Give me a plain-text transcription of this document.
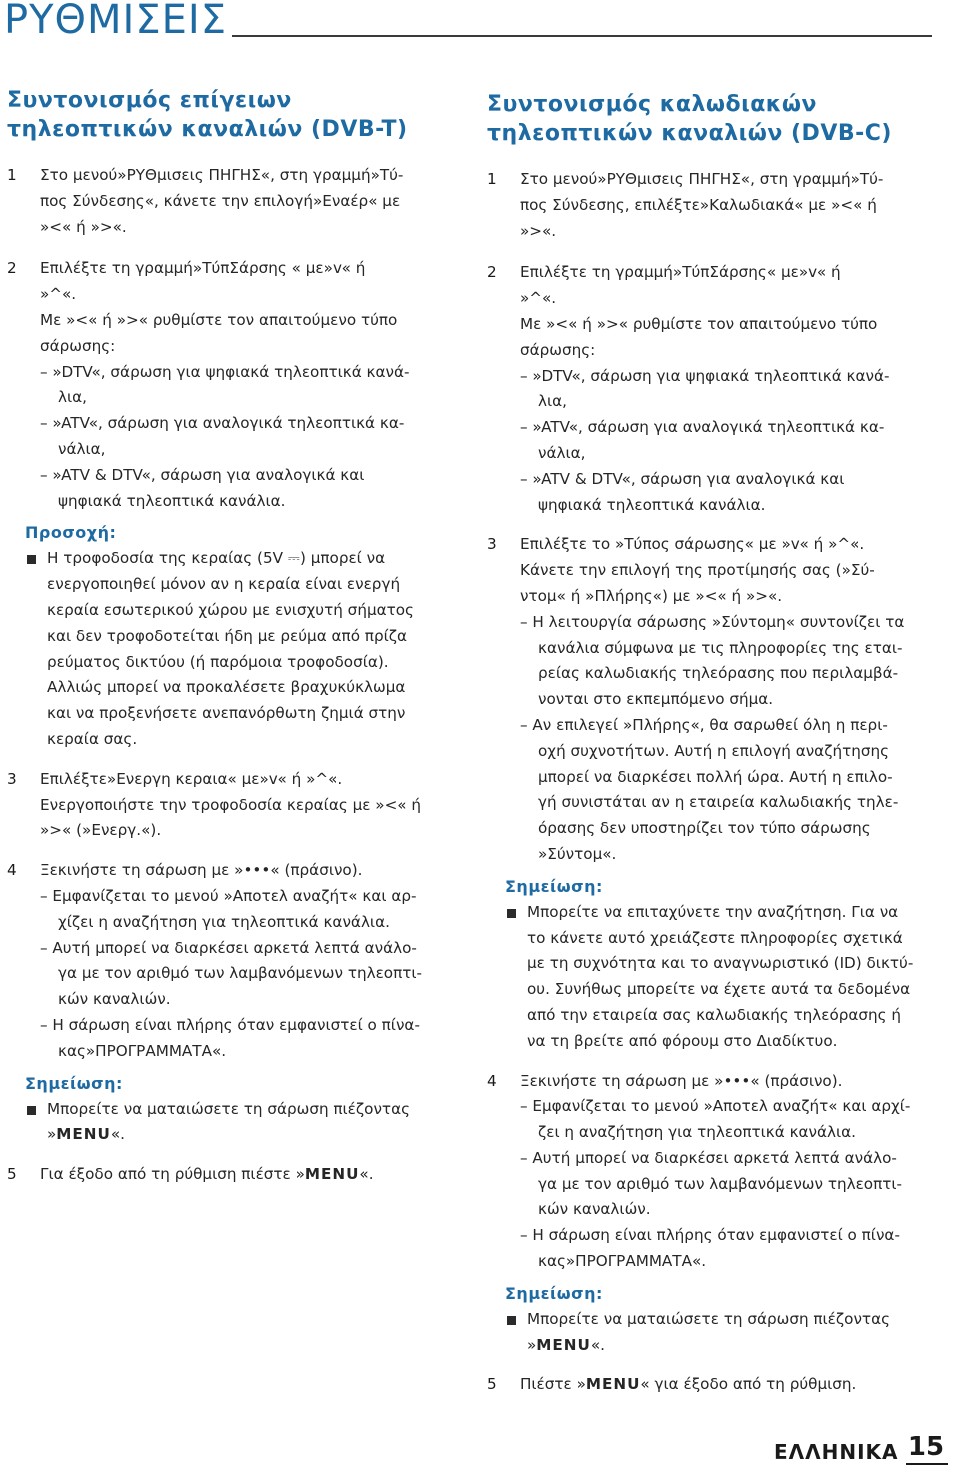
ΡΥΘΜΙΣΕΙΣ
Συντονισμός επίγειων
τηλεοπτικών καναλιών (DVB-T)
1	Στο μενού»ΡΥΘμισεις ΠΗΓΗΣ«, στη γραμμή»Τύ-
πος Σύνδεσης«, κάνετε την επιλογή»Εναέρ« με
»<« ή »>«.
2	Επιλέξτε τη γραμμή»ΤύπΣάρσης « με»v« ή
»^«.
Με »<« ή »>« ρυθμίστε τον απαιτούμενο τύπο
σάρωσης:
– »DTV«, σάρωση για ψηφιακά τηλεοπτικά κανά-
λια,
– »ATV«, σάρωση για αναλογικά τηλεοπτικά κα-
νάλια,
– »ATV & DTV«, σάρωση για αναλογικά και
ψηφιακά τηλεοπτικά κανάλια.
Προσοχή:
Η τροφοδοσία της κεραίας (5V ⎓) μπορεί να
ενεργοποιηθεί μόνον αν η κεραία είναι ενεργή
κεραία εσωτερικού χώρου με ενισχυτή σήματος
και δεν τροφοδοτείται ήδη με ρεύμα από πρίζα
ρεύματος δικτύου (ή παρόμοια τροφοδοσία).
Αλλιώς μπορεί να προκαλέσετε βραχυκύκλωμα
και να προξενήσετε ανεπανόρθωτη ζημιά στην
κεραία σας.
3	Επιλέξτε»Ενεργη κεραια« με»v« ή »^«.
Ενεργοποιήστε την τροφοδοσία κεραίας με »<« ή
»>« (»Ενεργ.«).
4	Ξεκινήστε τη σάρωση με »•••« (πράσινο).
– Εμφανίζεται το μενού »Αποτελ αναζήτ« και αρ-
χίζει η αναζήτηση για τηλεοπτικά κανάλια.
– Αυτή μπορεί να διαρκέσει αρκετά λεπτά ανάλο-
γα με τον αριθμό των λαμβανόμενων τηλεοπτι-
κών καναλιών.
– Η σάρωση είναι πλήρης όταν εμφανιστεί ο πίνα-
κας»ΠΡΟΓΡΑΜΜΑΤΑ«.
Σημείωση:
Μπορείτε να ματαιώσετε τη σάρωση πιέζοντας
»MENU«.
5	Για έξοδο από τη ρύθμιση πιέστε »MENU«.
Συντονισμός καλωδιακών
τηλεοπτικών καναλιών (DVB-C)
1	Στο μενού»ΡΥΘμισεις ΠΗΓΗΣ«, στη γραμμή»Τύ-
πος Σύνδεσης, επιλέξτε»Καλωδιακά« με »<« ή
»>«.
2	Επιλέξτε τη γραμμή»ΤύπΣάρσης« με»v« ή
»^«.
Με »<« ή »>« ρυθμίστε τον απαιτούμενο τύπο
σάρωσης:
– »DTV«, σάρωση για ψηφιακά τηλεοπτικά κανά-
λια,
– »ATV«, σάρωση για αναλογικά τηλεοπτικά κα-
νάλια,
– »ATV & DTV«, σάρωση για αναλογικά και
ψηφιακά τηλεοπτικά κανάλια.
3	Επιλέξτε το »Τύπος σάρωσης« με »v« ή »^«.
Κάνετε την επιλογή της προτίμησής σας (»Σύ-
ντομ« ή »Πλήρης«) με »<« ή »>«.
– Η λειτουργία σάρωσης »Σύντομη« συντονίζει τα
κανάλια σύμφωνα με τις πληροφορίες της εται-
ρείας καλωδιακής τηλεόρασης που περιλαμβά-
νονται στο εκπεμπόμενο σήμα.
– Αν επιλεγεί »Πλήρης«, θα σαρωθεί όλη η περι-
οχή συχνοτήτων. Αυτή η επιλογή αναζήτησης
μπορεί να διαρκέσει πολλή ώρα. Αυτή η επιλο-
γή συνιστάται αν η εταιρεία καλωδιακής τηλε-
όρασης δεν υποστηρίζει τον τύπο σάρωσης
»Σύντομ«.
Σημείωση:
Μπορείτε να επιταχύνετε την αναζήτηση. Για να
το κάνετε αυτό χρειάζεστε πληροφορίες σχετικά
με τη συχνότητα και το αναγνωριστικό (ID) δικτύ-
ου. Συνήθως μπορείτε να έχετε αυτά τα δεδομένα
από την εταιρεία σας καλωδιακής τηλεόρασης ή
να τη βρείτε από φόρουμ στο Διαδίκτυο.
4	Ξεκινήστε τη σάρωση με »•••« (πράσινο).
– Εμφανίζεται το μενού »Αποτελ αναζήτ« και αρχί-
ζει η αναζήτηση για τηλεοπτικά κανάλια.
– Αυτή μπορεί να διαρκέσει αρκετά λεπτά ανάλο-
γα με τον αριθμό των λαμβανόμενων τηλεοπτι-
κών καναλιών.
– Η σάρωση είναι πλήρης όταν εμφανιστεί ο πίνα-
κας»ΠΡΟΓΡΑΜΜΑΤΑ«.
Σημείωση:
Μπορείτε να ματαιώσετε τη σάρωση πιέζοντας
»MENU«.
5	Πιέστε »MENU« για έξοδο από τη ρύθμιση.
ΕΛΛΗΝΙΚΑ 15
